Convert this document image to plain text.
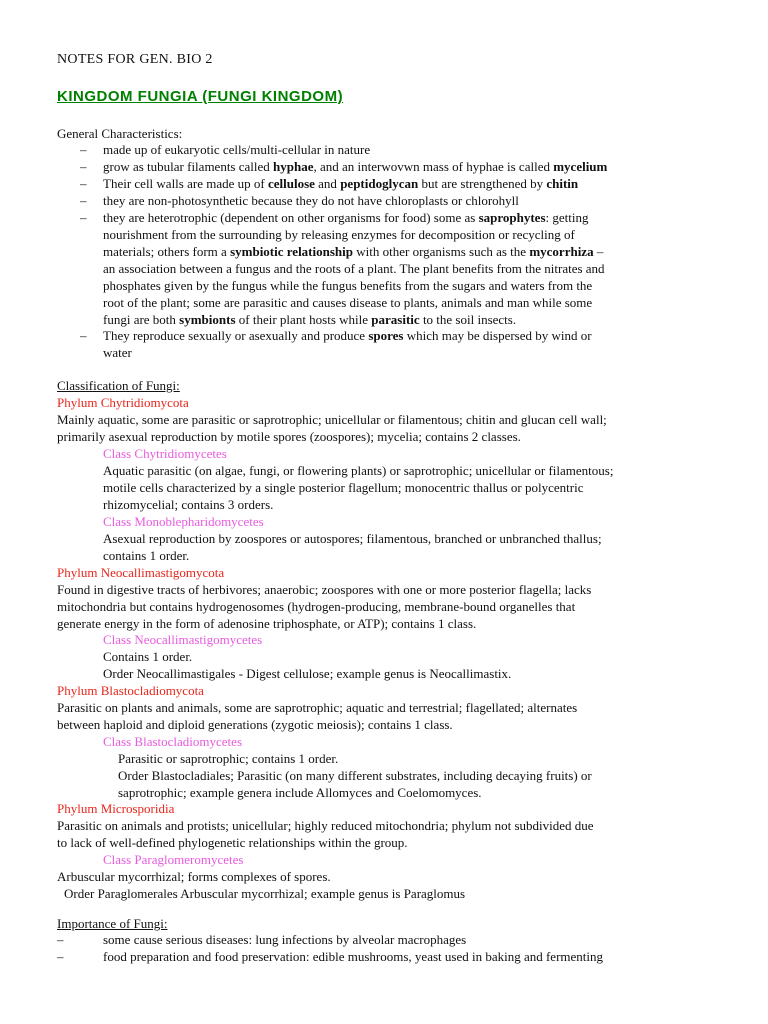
NOTES FOR GEN. BIO 2
KINGDOM FUNGIA (FUNGI KINGDOM)
General Characteristics:
– made up of eukaryotic cells/multi-cellular in nature
– grow as tubular filaments called hyphae, and an interwovwn mass of hyphae is called mycelium
– Their cell walls are made up of cellulose and peptidoglycan but are strengthened by chitin
– they are non-photosynthetic because they do not have chloroplasts or chlorohyll
– they are heterotrophic (dependent on other organisms for food) some as saprophytes: getting
nourishment from the surrounding by releasing enzymes for decomposition or recycling of
materials; others form a symbiotic relationship with other organisms such as the mycorrhiza –
an association between a fungus and the roots of a plant. The plant benefits from the nitrates and
phosphates given by the fungus while the fungus benefits from the sugars and waters from the
root of the plant; some are parasitic and causes disease to plants, animals and man while some
fungi are both symbionts of their plant hosts while parasitic to the soil insects.
– They reproduce sexually or asexually and produce spores which may be dispersed by wind or
water
Classification of Fungi:
Phylum Chytridiomycota
Mainly aquatic, some are parasitic or saprotrophic; unicellular or filamentous; chitin and glucan cell wall;
primarily asexual reproduction by motile spores (zoospores); mycelia; contains 2 classes.
Class Chytridiomycetes
Aquatic parasitic (on algae, fungi, or flowering plants) or saprotrophic; unicellular or filamentous;
motile cells characterized by a single posterior flagellum; monocentric thallus or polycentric
rhizomycelial; contains 3 orders.
Class Monoblepharidomycetes
Asexual reproduction by zoospores or autospores; filamentous, branched or unbranched thallus;
contains 1 order.
Phylum Neocallimastigomycota
Found in digestive tracts of herbivores; anaerobic; zoospores with one or more posterior flagella; lacks
mitochondria but contains hydrogenosomes (hydrogen-producing, membrane-bound organelles that
generate energy in the form of adenosine triphosphate, or ATP); contains 1 class.
Class Neocallimastigomycetes
Contains 1 order.
Order Neocallimastigales - Digest cellulose; example genus is Neocallimastix.
Phylum Blastocladiomycota
Parasitic on plants and animals, some are saprotrophic; aquatic and terrestrial; flagellated; alternates
between haploid and diploid generations (zygotic meiosis); contains 1 class.
Class Blastocladiomycetes
Parasitic or saprotrophic; contains 1 order.
Order Blastocladiales; Parasitic (on many different substrates, including decaying fruits) or
saprotrophic; example genera include Allomyces and Coelomomyces.
Phylum Microsporidia
Parasitic on animals and protists; unicellular; highly reduced mitochondria; phylum not subdivided due
to lack of well-defined phylogenetic relationships within the group.
Class Paraglomeromycetes
Arbuscular mycorrhizal; forms complexes of spores.
Order Paraglomerales Arbuscular mycorrhizal; example genus is Paraglomus
Importance of Fungi:
–	some cause serious diseases: lung infections by alveolar macrophages
–	food preparation and food preservation: edible mushrooms, yeast used in baking and fermenting
